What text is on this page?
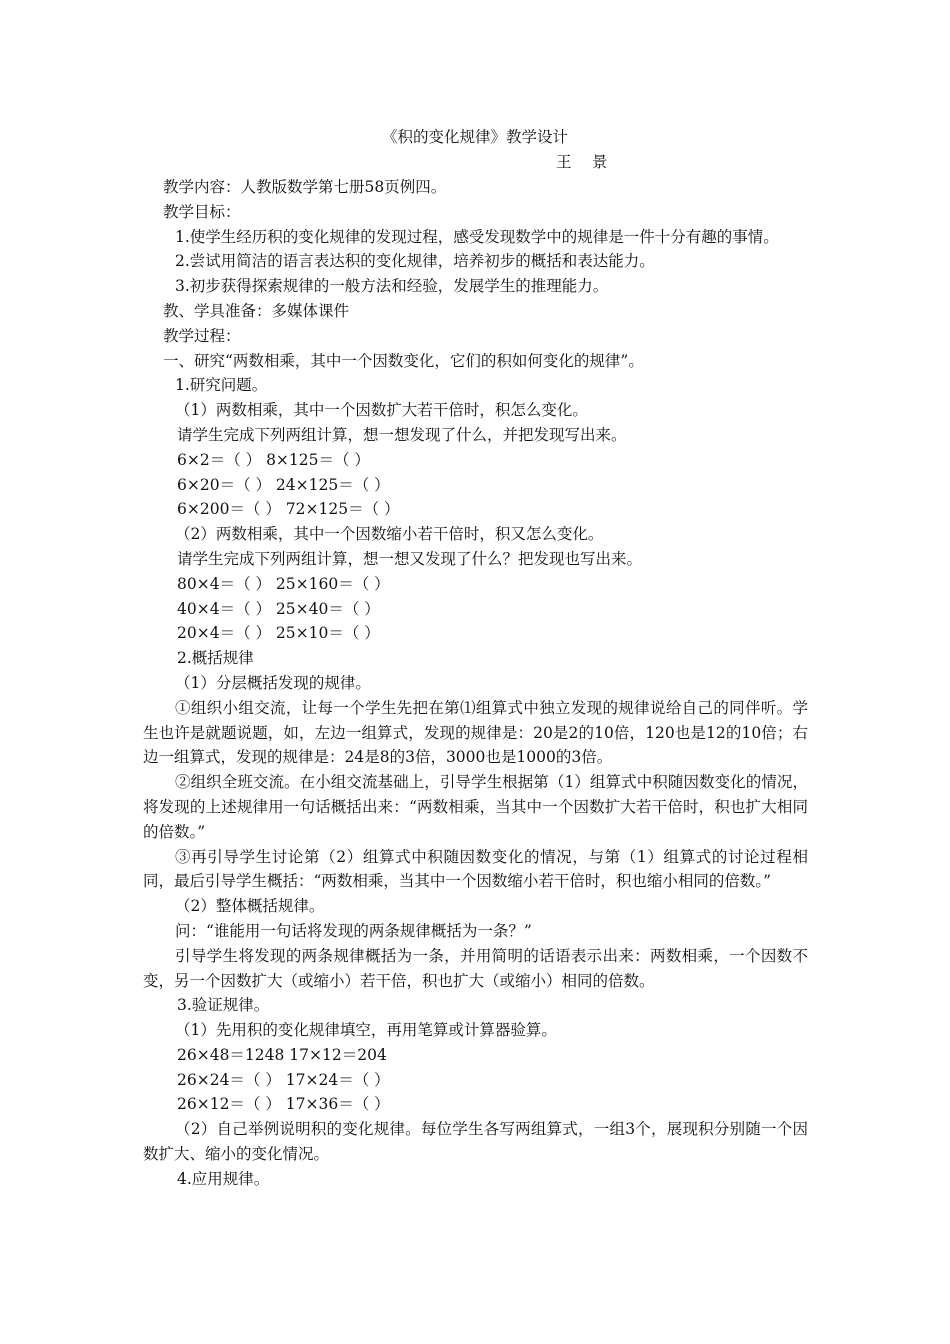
《积的变化规律》教学设计
王 景

教学内容：人教版数学第七册58页例四。

教学目标：

1.使学生经历积的变化规律的发现过程，感受发现数学中的规律是一件十分有趣的事情。

2.尝试用简洁的语言表达积的变化规律，培养初步的概括和表达能力。

3.初步获得探索规律的一般方法和经验，发展学生的推理能力。

教、学具准备：多媒体课件

教学过程：

一、研究“两数相乘，其中一个因数变化，它们的积如何变化的规律”。

1.研究问题。

（1）两数相乘，其中一个因数扩大若干倍时，积怎么变化。

请学生完成下列两组计算，想一想发现了什么，并把发现写出来。

6×2＝（ ） 8×125＝（ ）

6×20＝（ ） 24×125＝（ ）

6×200＝（ ） 72×125＝（ ）

（2）两数相乘，其中一个因数缩小若干倍时，积又怎么变化。

请学生完成下列两组计算，想一想又发现了什么？把发现也写出来。

80×4＝（ ） 25×160＝（ ）

40×4＝（ ） 25×40＝（ ）

20×4＝（ ） 25×10＝（ ）

2.概括规律

（1）分层概括发现的规律。

①组织小组交流，让每一个学生先把在第⑴组算式中独立发现的规律说给自己的同伴听。学生也许是就题说题，如，左边一组算式，发现的规律是：20是2的10倍，120也是12的10倍；右边一组算式，发现的规律是：24是8的3倍，3000也是1000的3倍。

②组织全班交流。在小组交流基础上，引导学生根据第（1）组算式中积随因数变化的情况，将发现的上述规律用一句话概括出来：“两数相乘，当其中一个因数扩大若干倍时，积也扩大相同的倍数。”

③再引导学生讨论第（2）组算式中积随因数变化的情况，与第（1）组算式的讨论过程相同，最后引导学生概括：“两数相乘，当其中一个因数缩小若干倍时，积也缩小相同的倍数。”

（2）整体概括规律。

问：“谁能用一句话将发现的两条规律概括为一条？”

引导学生将发现的两条规律概括为一条，并用简明的话语表示出来：两数相乘，一个因数不变，另一个因数扩大（或缩小）若干倍，积也扩大（或缩小）相同的倍数。

3.验证规律。

（1）先用积的变化规律填空，再用笔算或计算器验算。

26×48＝1248 17×12＝204

26×24＝（ ） 17×24＝（ ）

26×12＝（ ） 17×36＝（ ）

（2）自己举例说明积的变化规律。每位学生各写两组算式，一组3个，展现积分别随一个因数扩大、缩小的变化情况。

4.应用规律。
